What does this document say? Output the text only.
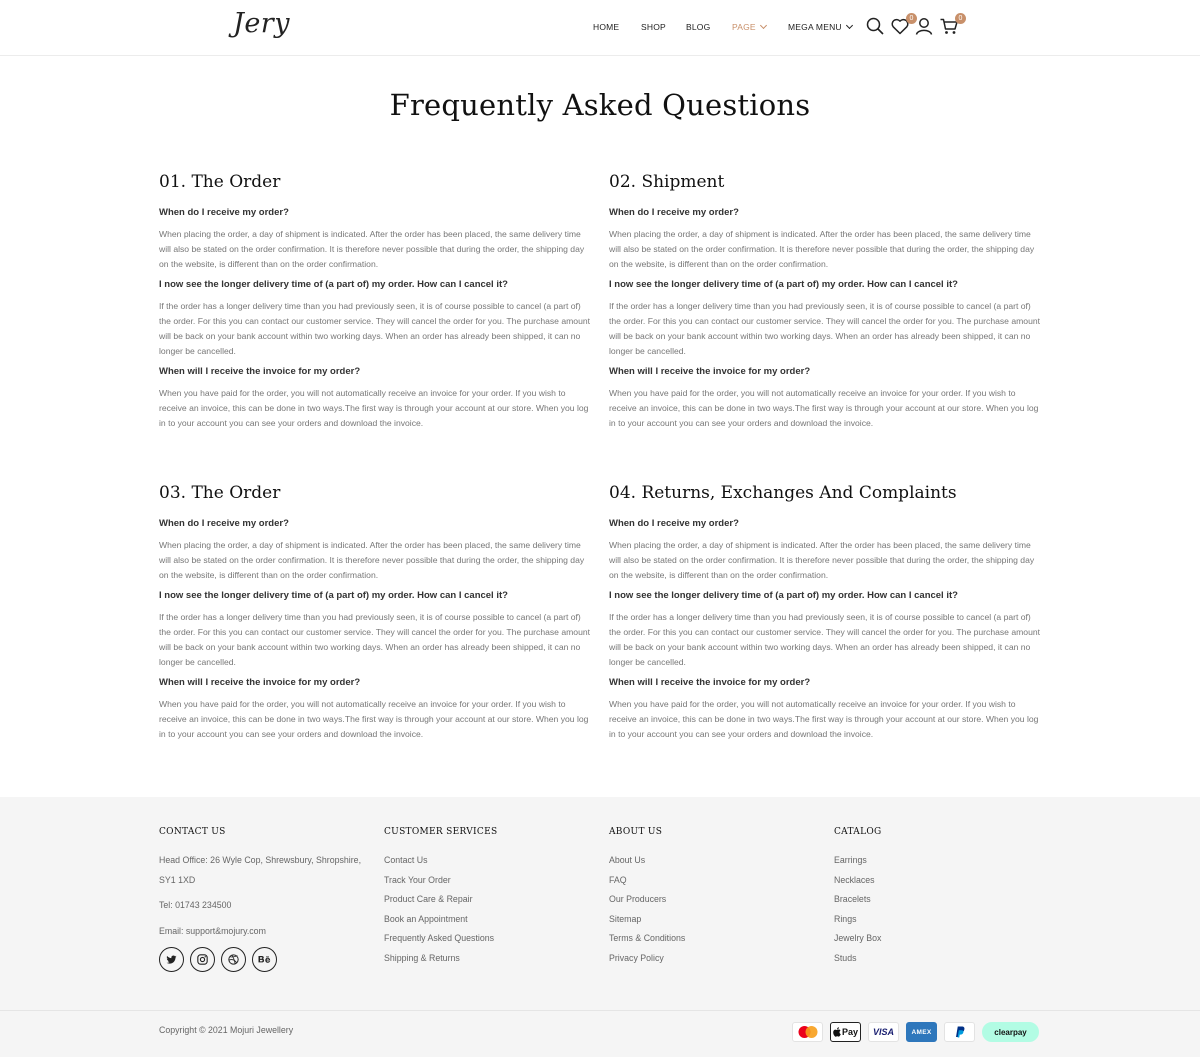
Jery	HOME	SHOP BLOG	PAGE	MEGA MENU
0	0
Frequently Asked Questions
01. The Order
When do I receive my order?

When placing the order, a day of shipment is indicated. After the order has been placed, the same delivery time will also be stated on the order confirmation. It is therefore never possible that during the order, the shipping day on the website, is different than on the order confirmation.

I now see the longer delivery time of (a part of) my order. How can I cancel it?

If the order has a longer delivery time than you had previously seen, it is of course possible to cancel (a part of) the order. For this you can contact our customer service. They will cancel the order for you. The purchase amount will be back on your bank account within two working days. When an order has already been shipped, it can no longer be cancelled.

When will I receive the invoice for my order?

When you have paid for the order, you will not automatically receive an invoice for your order. If you wish to receive an invoice, this can be done in two ways.The first way is through your account at our store. When you log in to your account you can see your orders and download the invoice.

02. Shipment
When do I receive my order?

When placing the order, a day of shipment is indicated. After the order has been placed, the same delivery time will also be stated on the order confirmation. It is therefore never possible that during the order, the shipping day on the website, is different than on the order confirmation.

I now see the longer delivery time of (a part of) my order. How can I cancel it?

If the order has a longer delivery time than you had previously seen, it is of course possible to cancel (a part of) the order. For this you can contact our customer service. They will cancel the order for you. The purchase amount will be back on your bank account within two working days. When an order has already been shipped, it can no longer be cancelled.

When will I receive the invoice for my order?

When you have paid for the order, you will not automatically receive an invoice for your order. If you wish to receive an invoice, this can be done in two ways.The first way is through your account at our store. When you log in to your account you can see your orders and download the invoice.

03. The Order
When do I receive my order?

When placing the order, a day of shipment is indicated. After the order has been placed, the same delivery time will also be stated on the order confirmation. It is therefore never possible that during the order, the shipping day on the website, is different than on the order confirmation.

I now see the longer delivery time of (a part of) my order. How can I cancel it?

If the order has a longer delivery time than you had previously seen, it is of course possible to cancel (a part of) the order. For this you can contact our customer service. They will cancel the order for you. The purchase amount will be back on your bank account within two working days. When an order has already been shipped, it can no longer be cancelled.

When will I receive the invoice for my order?

When you have paid for the order, you will not automatically receive an invoice for your order. If you wish to receive an invoice, this can be done in two ways.The first way is through your account at our store. When you log in to your account you can see your orders and download the invoice.

04. Returns, Exchanges And Complaints
When do I receive my order?

When placing the order, a day of shipment is indicated. After the order has been placed, the same delivery time will also be stated on the order confirmation. It is therefore never possible that during the order, the shipping day on the website, is different than on the order confirmation.

I now see the longer delivery time of (a part of) my order. How can I cancel it?

If the order has a longer delivery time than you had previously seen, it is of course possible to cancel (a part of) the order. For this you can contact our customer service. They will cancel the order for you. The purchase amount will be back on your bank account within two working days. When an order has already been shipped, it can no longer be cancelled.

When will I receive the invoice for my order?

When you have paid for the order, you will not automatically receive an invoice for your order. If you wish to receive an invoice, this can be done in two ways.The first way is through your account at our store. When you log in to your account you can see your orders and download the invoice.

CONTACT US
Head Office: 26 Wyle Cop, Shrewsbury, Shropshire, SY1 1XD
Tel: 01743 234500
Email: support&mojury.com
CUSTOMER SERVICES
Contact Us
Track Your Order
Product Care & Repair
Book an Appointment
Frequently Asked Questions
Shipping & Returns
ABOUT US
About Us
FAQ
Our Producers
Sitemap
Terms & Conditions
Privacy Policy
CATALOG
Earrings
Necklaces
Bracelets
Rings
Jewelry Box
Studs
Copyright © 2021 Mojuri Jewellery	Pay VISA	AMEX	clearpay
